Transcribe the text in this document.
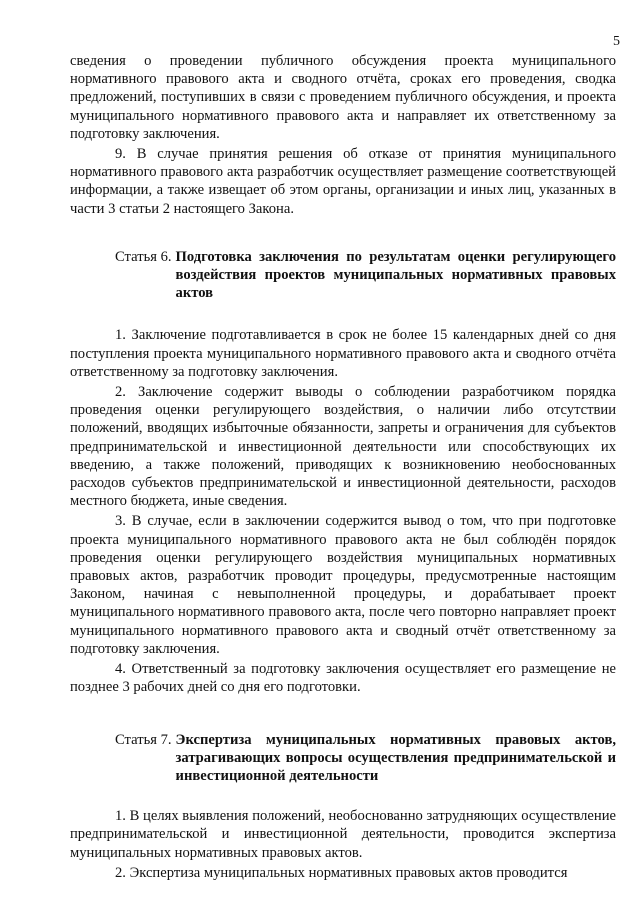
5

сведения о проведении публичного обсуждения проекта муниципального нормативного правового акта и сводного отчёта, сроках его проведения, сводка предложений, поступивших в связи с проведением публичного обсуждения, и проекта муниципального нормативного правового акта и направляет их ответственному за подготовку заключения.

9. В случае принятия решения об отказе от принятия муниципального нормативного правового акта разработчик осуществляет размещение соответствующей информации, а также извещает об этом органы, организации и иных лиц, указанных в части 3 статьи 2 настоящего Закона.

Статья 6. Подготовка заключения по результатам оценки регулирующего воздействия проектов муниципальных нормативных правовых актов

1. Заключение подготавливается в срок не более 15 календарных дней со дня поступления проекта муниципального нормативного правового акта и сводного отчёта ответственному за подготовку заключения.

2. Заключение содержит выводы о соблюдении разработчиком порядка проведения оценки регулирующего воздействия, о наличии либо отсутствии положений, вводящих избыточные обязанности, запреты и ограничения для субъектов предпринимательской и инвестиционной деятельности или способствующих их введению, а также положений, приводящих к возникновению необоснованных расходов субъектов предпринимательской и инвестиционной деятельности, расходов местного бюджета, иные сведения.

3. В случае, если в заключении содержится вывод о том, что при подготовке проекта муниципального нормативного правового акта не был соблюдён порядок проведения оценки регулирующего воздействия муниципальных нормативных правовых актов, разработчик проводит процедуры, предусмотренные настоящим Законом, начиная с невыполненной процедуры, и дорабатывает проект муниципального нормативного правового акта, после чего повторно направляет проект муниципального нормативного правового акта и сводный отчёт ответственному за подготовку заключения.

4. Ответственный за подготовку заключения осуществляет его размещение не позднее 3 рабочих дней со дня его подготовки.

Статья 7. Экспертиза муниципальных нормативных правовых актов, затрагивающих вопросы осуществления предпринимательской и инвестиционной деятельности

1. В целях выявления положений, необоснованно затрудняющих осуществление предпринимательской и инвестиционной деятельности, проводится экспертиза муниципальных нормативных правовых актов.

2. Экспертиза муниципальных нормативных правовых актов проводится
